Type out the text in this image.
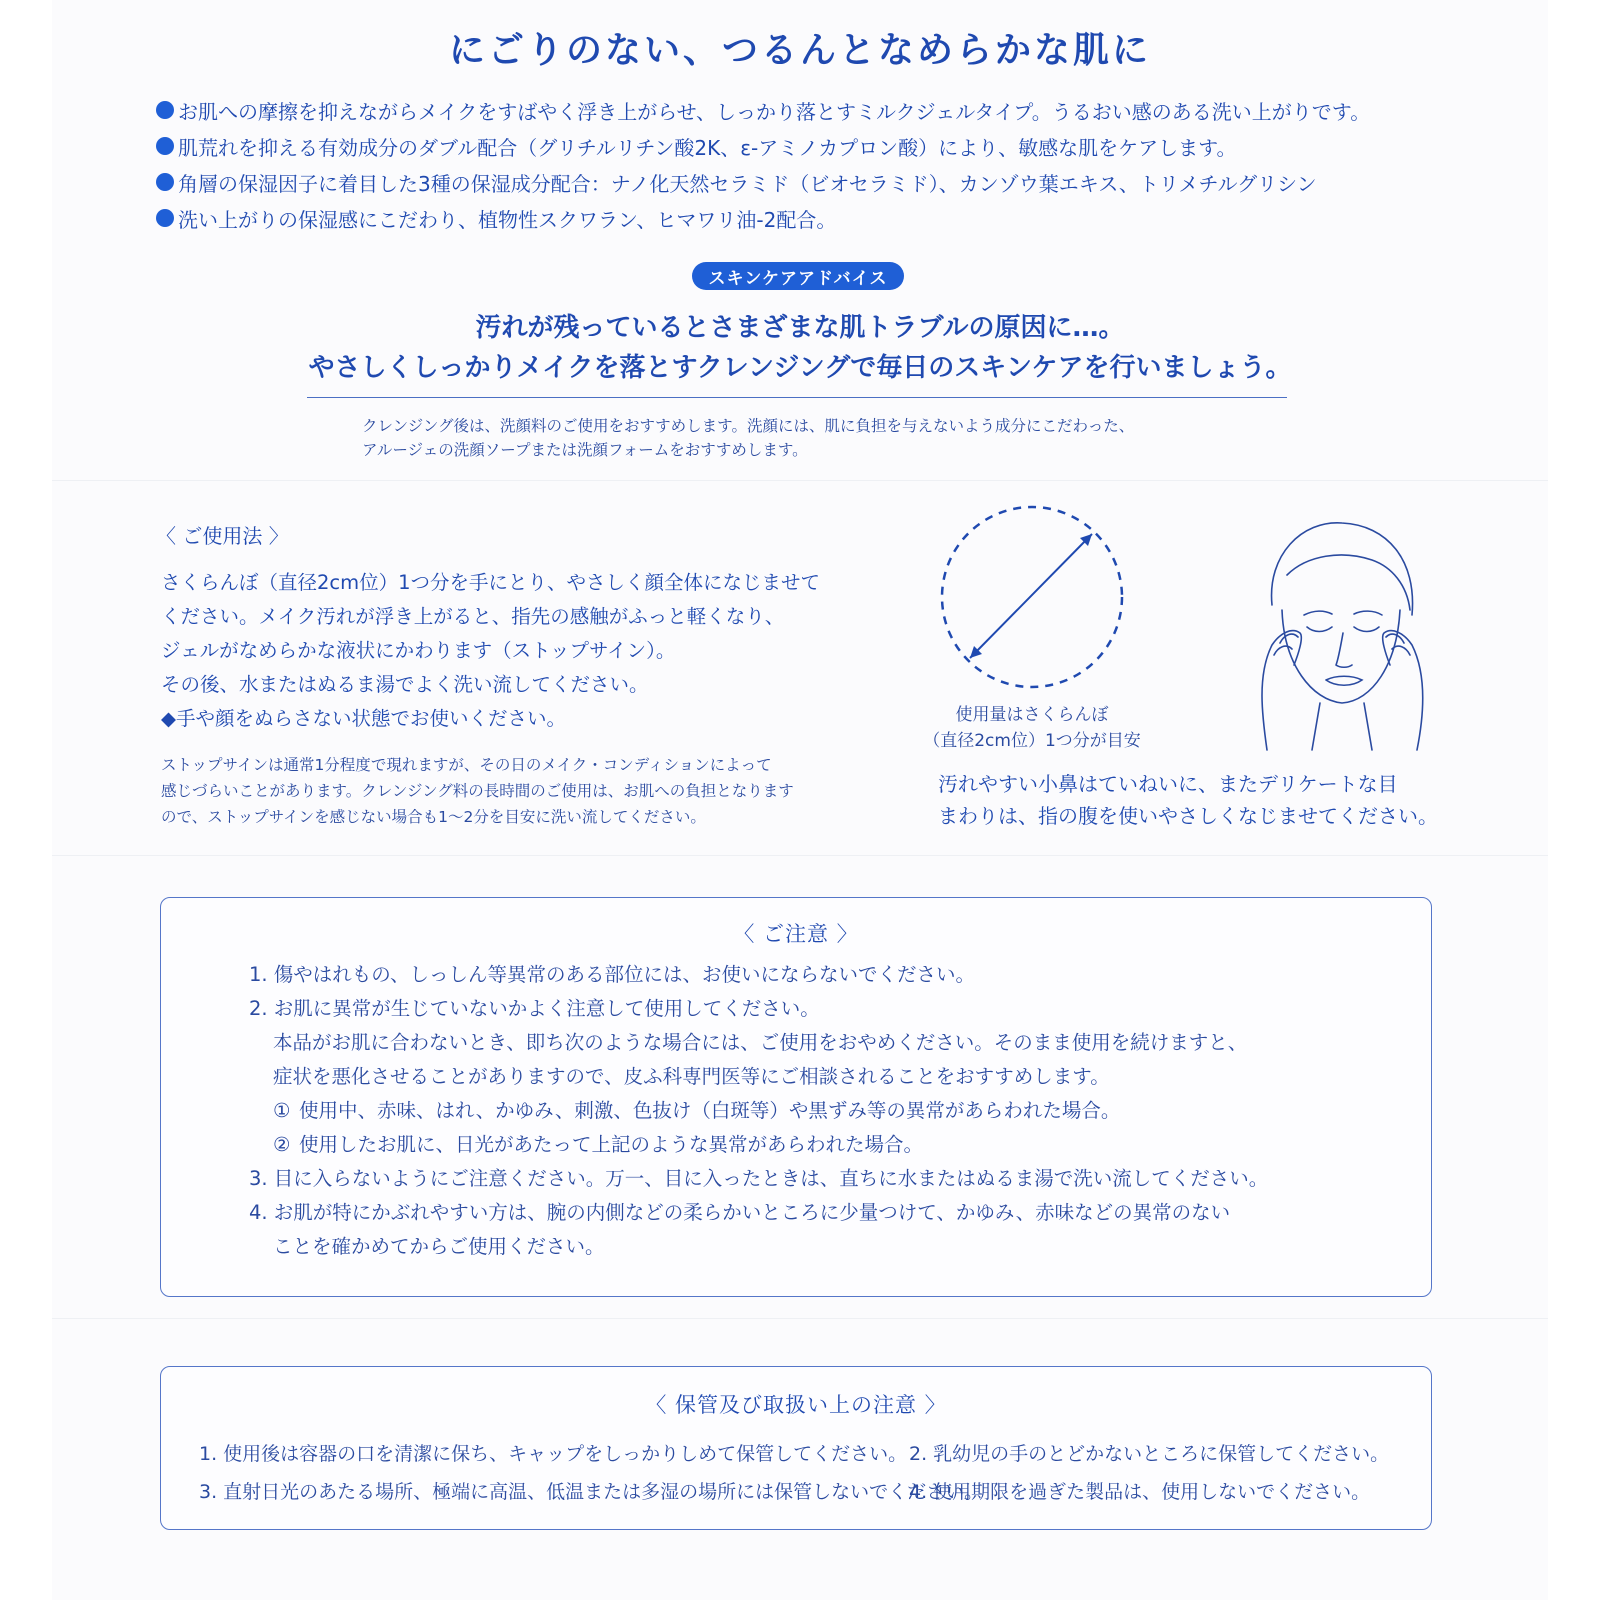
にごりのない、つるんとなめらかな肌に
お肌への摩擦を抑えながらメイクをすばやく浮き上がらせ、しっかり落とすミルクジェルタイプ。うるおい感のある洗い上がりです。
肌荒れを抑える有効成分のダブル配合（グリチルリチン酸2K、ε-アミノカプロン酸）により、敏感な肌をケアします。
角層の保湿因子に着目した3種の保湿成分配合：ナノ化天然セラミド（ビオセラミド）、カンゾウ葉エキス、トリメチルグリシン
洗い上がりの保湿感にこだわり、植物性スクワラン、ヒマワリ油-2配合。
スキンケアアドバイス
汚れが残っているとさまざまな肌トラブルの原因に…。
やさしくしっかりメイクを落とすクレンジングで毎日のスキンケアを行いましょう。
クレンジング後は、洗顔料のご使用をおすすめします。洗顔には、肌に負担を与えないよう成分にこだわった、
アルージェの洗顔ソープまたは洗顔フォームをおすすめします。
〈 ご使用法 〉
さくらんぼ（直径2cm位）1つ分を手にとり、やさしく顔全体になじませて
ください。メイク汚れが浮き上がると、指先の感触がふっと軽くなり、
ジェルがなめらかな液状にかわります（ストップサイン）。
その後、水またはぬるま湯でよく洗い流してください。
◆手や顔をぬらさない状態でお使いください。
ストップサインは通常1分程度で現れますが、その日のメイク・コンディションによって
感じづらいことがあります。クレンジング料の長時間のご使用は、お肌への負担となります
ので、ストップサインを感じない場合も1〜2分を目安に洗い流してください。
使用量はさくらんぼ
（直径2cm位）1つ分が目安
汚れやすい小鼻はていねいに、またデリケートな目
まわりは、指の腹を使いやさしくなじませてください。
〈 ご注意 〉
1. 傷やはれもの、しっしん等異常のある部位には、お使いにならないでください。
2. お肌に異常が生じていないかよく注意して使用してください。
本品がお肌に合わないとき、即ち次のような場合には、ご使用をおやめください。そのまま使用を続けますと、
症状を悪化させることがありますので、皮ふ科専門医等にご相談されることをおすすめします。
① 使用中、赤味、はれ、かゆみ、刺激、色抜け（白斑等）や黒ずみ等の異常があらわれた場合。
② 使用したお肌に、日光があたって上記のような異常があらわれた場合。
3. 目に入らないようにご注意ください。万一、目に入ったときは、直ちに水またはぬるま湯で洗い流してください。
4. お肌が特にかぶれやすい方は、腕の内側などの柔らかいところに少量つけて、かゆみ、赤味などの異常のない
ことを確かめてからご使用ください。
〈 保管及び取扱い上の注意 〉
1. 使用後は容器の口を清潔に保ち、キャップをしっかりしめて保管してください。 2. 乳幼児の手のとどかないところに保管してください。
3. 直射日光のあたる場所、極端に高温、低温または多湿の場所には保管しないでください。
4. 使用期限を過ぎた製品は、使用しないでください。
